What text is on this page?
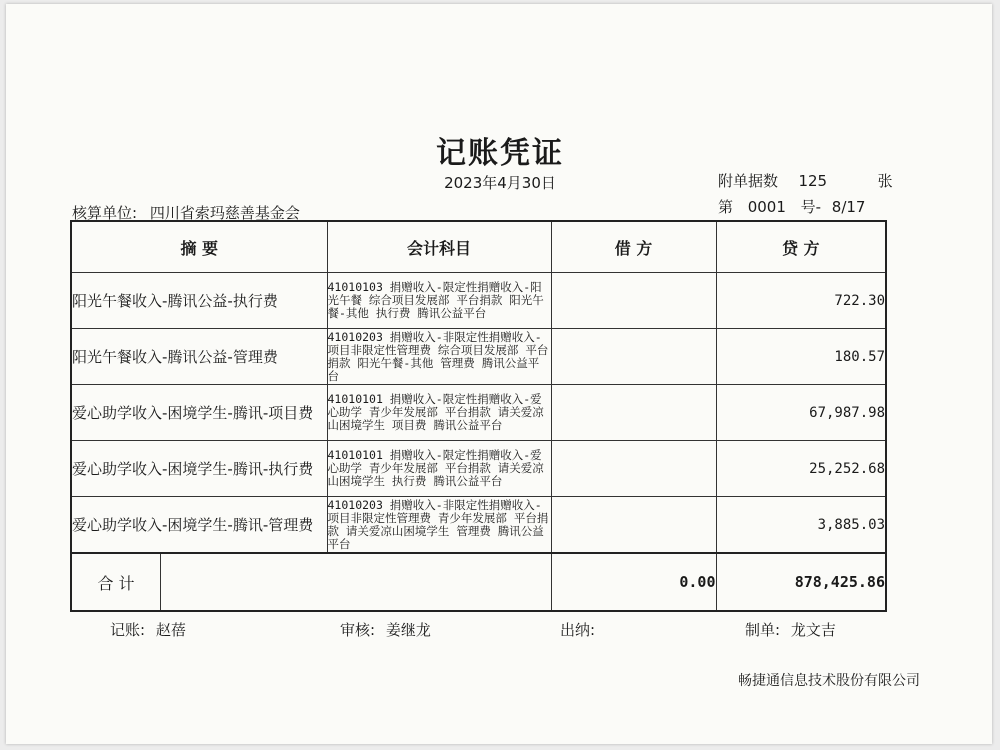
记账凭证
2023年4月30日	附单据数 125	张
第 0001 号- 8/17
核算单位: 四川省索玛慈善基金会
摘 要	会计科目	借 方	贷 方
阳光午餐收入-腾讯公益-执行费	41010103 捐赠收入-限定性捐赠收入-阳光午餐 综合项目发展部 平台捐款 阳光午餐-其他 执行费 腾讯公益平台		722.30
阳光午餐收入-腾讯公益-管理费	41010203 捐赠收入-非限定性捐赠收入-项目非限定性管理费 综合项目发展部 平台捐款 阳光午餐-其他 管理费 腾讯公益平台		180.57
爱心助学收入-困境学生-腾讯-项目费	41010101 捐赠收入-限定性捐赠收入-爱心助学 青少年发展部 平台捐款 请关爱凉山困境学生 项目费 腾讯公益平台		67,987.98
爱心助学收入-困境学生-腾讯-执行费	41010101 捐赠收入-限定性捐赠收入-爱心助学 青少年发展部 平台捐款 请关爱凉山困境学生 执行费 腾讯公益平台		25,252.68
爱心助学收入-困境学生-腾讯-管理费	41010203 捐赠收入-非限定性捐赠收入-项目非限定性管理费 青少年发展部 平台捐款 请关爱凉山困境学生 管理费 腾讯公益平台		3,885.03

合 计		0.00	878,425.86
记账: 赵蓓	审核: 姜继龙	出纳:	制单: 龙文吉
畅捷通信息技术股份有限公司
